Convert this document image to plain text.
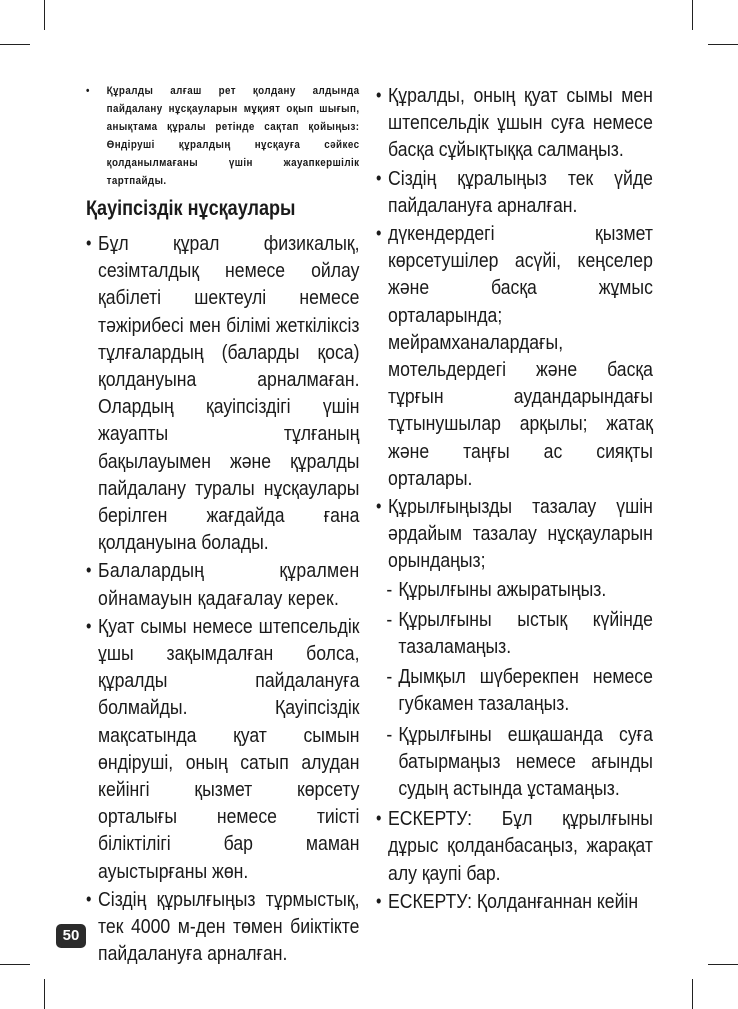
• Құралды алғаш рет қолдану алдында пайдалану нұсқауларын мұқият оқып шығып, анықтама құралы ретінде сақтап қойыңыз: Өндіруші құралдың нұсқауға сәйкес қолданылмағаны үшін жауапкершілік тартпайды.
Қауіпсіздік нұсқаулары
• Бұл құрал физикалық, сезімталдық немесе ойлау қабілеті шектеулі немесе тәжірибесі мен білімі жеткіліксіз тұлғалардың (баларды қоса) қолдануына арналмаған. Олардың қауіпсіздігі үшін жауапты тұлғаның бақылауымен және құралды пайдалану туралы нұсқаулары берілген жағдайда ғана қолдануына болады.
• Балалардың құралмен ойнамауын қадағалау керек.
• Қуат сымы немесе штепсельдік ұшы зақымдалған болса, құралды пайдалануға болмайды. Қауіпсіздік мақсатында қуат сымын өндіруші, оның сатып алудан кейінгі қызмет көрсету орталығы немесе тиісті біліктілігі бар маман ауыстырғаны жөн.
• Сіздің құрылғыңыз тұрмыстық, тек 4000 м-ден төмен биіктікте пайдалануға арналған.
• Құралды, оның қуат сымы мен штепсельдік ұшын суға немесе басқа сұйықтыққа салмаңыз.
• Сіздің құралыңыз тек үйде пайдалануға арналған.
• дүкендердегі қызмет көрсетушілер асүйі, кеңселер және басқа жұмыс орталарында; мейрамханалардағы, мотельдердегі және басқа тұрғын аудандарындағы тұтынушылар арқылы; жатақ және таңғы ас сияқты орталары.
• Құрылғыңызды тазалау үшін әрдайым тазалау нұсқауларын орындаңыз;
- Құрылғыны ажыратыңыз.
- Құрылғыны ыстық күйінде тазаламаңыз.
- Дымқыл шүберекпен немесе губкамен тазалаңыз.
- Құрылғыны ешқашанда суға батырмаңыз немесе ағынды судың астында ұстамаңыз.
• ЕСКЕРТУ: Бұл құрылғыны дұрыс қолданбасаңыз, жарақат алу қаупі бар.
• ЕСКЕРТУ: Қолданғаннан кейін
50
